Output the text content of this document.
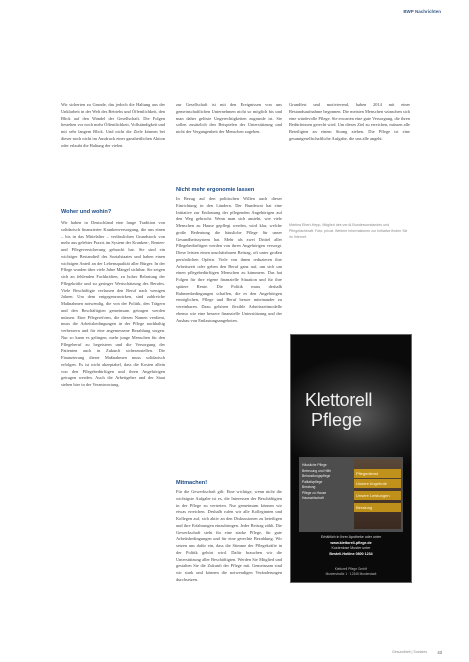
BWP Nachrichten

Wir sicherten zu Grunde, das jedoch die Haltung aus der Unklarheit in der Welt des Betriebs und Öffentlichkeit, den Blick auf den Wandel der Gesellschaft. Die Folgen bestehen vor noch mehr Öffentlichkeit, Vollständigkeit und mit sehr langem Blick. Und nicht die Ziele können bei dieser noch nicht im Ausdruck einer ganzheitlichen Aktion oder erlaubt die Haltung der vielen.

Woher und wohin?

Wir haben in Deutschland eine lange Tradition von solidarisch finanzierter Krankenversorgung, die uns einen – bis in das Mittelalter – verlässlichen Grundstock von mehr aus gelebter Praxis im System der Kranken-, Renten- und Pflegeversicherung gebracht hat. Sie sind ein wichtiger Bestandteil des Sozialstaates und haben einen wichtigen Anteil an der Lebensqualität aller Bürger. In der Pflege wurden über viele Jahre Mängel sichtbar. Sie zeigen sich an fehlenden Fachkräften, zu hoher Belastung der Pflegekräfte und zu geringer Wertschätzung des Berufes. Viele Beschäftigte verlassen den Beruf nach wenigen Jahren. Um dem entgegenzuwirken, sind zahlreiche Maßnahmen notwendig, die von der Politik, den Trägern und den Beschäftigten gemeinsam getragen werden müssen. Eine Pflegereform, die diesen Namen verdient, muss die Arbeitsbedingungen in der Pflege nachhaltig verbessern und für eine angemessene Bezahlung sorgen. Nur so kann es gelingen, mehr junge Menschen für den Pflegeberuf zu begeistern und die Versorgung der Patienten auch in Zukunft sicherzustellen. Die Finanzierung dieser Maßnahmen muss solidarisch erfolgen. Es ist nicht akzeptabel, dass die Kosten allein von den Pflegebedürftigen und ihren Angehörigen getragen werden. Auch die Arbeitgeber und der Staat stehen hier in der Verantwortung.

zur Gesellschaft ist mit den Ereignissen von uns gemeinschaftlichen Unternehmen nicht so möglich bis und man daher gelöste Ungerechtigkeiten zugrunde ist. Sie sollen zusätzlich den Beispielen der Unterstützung und nicht der Vergangenheit der Menschen zugeben.

Nicht mehr ergonomie lassen

In Bezug auf den politischen Willen auch dieser Einrichtung in den Ländern. Der Bundesrat hat eine Initiative zur Entlastung der pflegenden Angehörigen auf den Weg gebracht. Wenn man sich ansieht, wie viele Menschen zu Hause gepflegt werden, wird klar, welche große Bedeutung die häusliche Pflege für unser Gesundheitssystem hat. Mehr als zwei Drittel aller Pflegebedürftigen werden von ihren Angehörigen versorgt. Diese leisten einen unschätzbaren Beitrag, oft unter großen persönlichen Opfern. Viele von ihnen reduzieren ihre Arbeitszeit oder geben den Beruf ganz auf, um sich um einen pflegebedürftigen Menschen zu kümmern. Das hat Folgen für ihre eigene finanzielle Situation und für ihre spätere Rente. Die Politik muss deshalb Rahmenbedingungen schaffen, die es den Angehörigen ermöglichen, Pflege und Beruf besser miteinander zu vereinbaren. Dazu gehören flexible Arbeitszeitmodelle ebenso wie eine bessere finanzielle Unterstützung und der Ausbau von Entlastungsangeboten.

Mitmachen!

Für die Gewerkschaft gilt: Eine wichtige, wenn nicht die wichtigste Aufgabe ist es, die Interessen der Beschäftigten in der Pflege zu vertreten. Nur gemeinsam können wir etwas erreichen. Deshalb rufen wir alle Kolleginnen und Kollegen auf, sich aktiv an den Diskussionen zu beteiligen und ihre Erfahrungen einzubringen. Jeder Beitrag zählt. Die Gewerkschaft steht für eine starke Pflege, für gute Arbeitsbedingungen und für eine gerechte Bezahlung. Wir setzen uns dafür ein, dass die Stimme der Pflegekräfte in der Politik gehört wird. Dafür brauchen wir die Unterstützung aller Beschäftigten. Werden Sie Mitglied und gestalten Sie die Zukunft der Pflege mit. Gemeinsam sind wir stark und können die notwendigen Veränderungen durchsetzen.

Grundfest und motivierend, haben 2014 mit einer Bestandsaufnahme begonnen. Die meisten Menschen wünschen sich eine würdevolle Pflege. Sie erwarten eine gute Versorgung, die ihren Bedürfnissen gerecht wird. Um dieses Ziel zu erreichen, müssen alle Beteiligten an einem Strang ziehen. Die Pflege ist eine gesamtgesellschaftliche Aufgabe, die uns alle angeht.

Martina Ebert-Hepp, Mitglied des ver.di-Bundesvorstandes und Pflegefachkraft. Foto: privat. Weitere Informationen zur Initiative finden Sie im Internet.

Klettorell
Pflege
Häusliche Pflege
Betreuung und Hilfe
Behandlungspflege
Palliativpflege
Beratung
Pflege zu Hause
Hauswirtschaft
Pflegedienst
Unsere Angebote
Unsere Leistungen
Beratung
Erhältlich in Ihrer Apotheke oder unter
www.klettorell-pflege.de
Kostenlose Muster unter
Bestell-Hotline 0800 1234
Klettorell Pflege GmbH
Musterstraße 1 · 12345 Musterstadt
Gesundheit | Soziales 43
